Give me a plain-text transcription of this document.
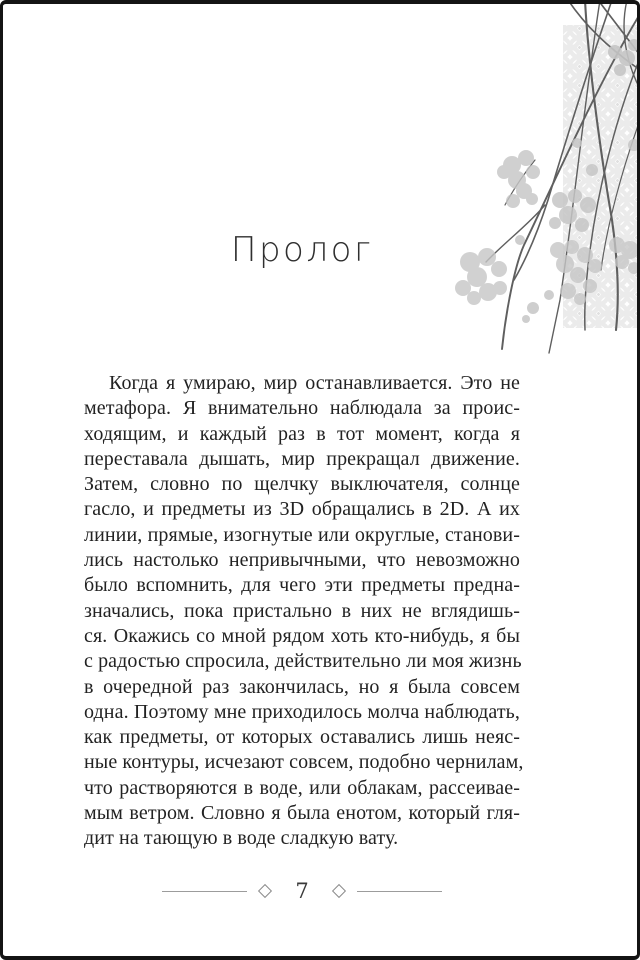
Пролог
Когда я умираю, мир останавливается. Это не
метафора. Я внимательно наблюдала за проис-
ходящим, и каждый раз в тот момент, когда я
переставала дышать, мир прекращал движение.
Затем, словно по щелчку выключателя, солнце
гасло, и предметы из 3D обращались в 2D. А их
линии, прямые, изогнутые или округлые, станови-
лись настолько непривычными, что невозможно
было вспомнить, для чего эти предметы предна-
значались, пока пристально в них не вглядишь-
ся. Окажись со мной рядом хоть кто-нибудь, я бы
с радостью спросила, действительно ли моя жизнь
в очередной раз закончилась, но я была совсем
одна. Поэтому мне приходилось молча наблюдать,
как предметы, от которых оставались лишь неяс-
ные контуры, исчезают совсем, подобно чернилам,
что растворяются в воде, или облакам, рассеивае-
мым ветром. Словно я была енотом, который гля-
дит на тающую в воде сладкую вату.
7
